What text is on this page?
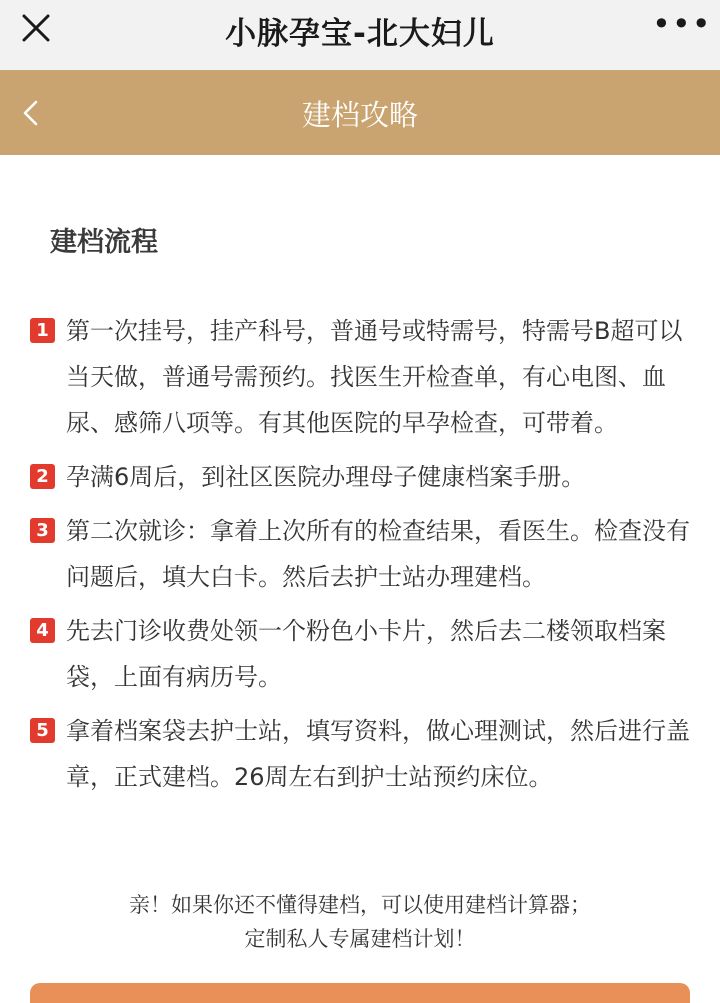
小脉孕宝-北大妇儿	•••
建档攻略
建档流程
1 第一次挂号，挂产科号，普通号或特需号，特需号B超可以当天做，普通号需预约。找医生开检查单，有心电图、血尿、感筛八项等。有其他医院的早孕检查，可带着。
2 孕满6周后，到社区医院办理母子健康档案手册。
3 第二次就诊：拿着上次所有的检查结果，看医生。检查没有问题后，填大白卡。然后去护士站办理建档。
4 先去门诊收费处领一个粉色小卡片，然后去二楼领取档案袋，上面有病历号。
5 拿着档案袋去护士站，填写资料，做心理测试，然后进行盖章，正式建档。26周左右到护士站预约床位。
亲！如果你还不懂得建档，可以使用建档计算器；
定制私人专属建档计划！
